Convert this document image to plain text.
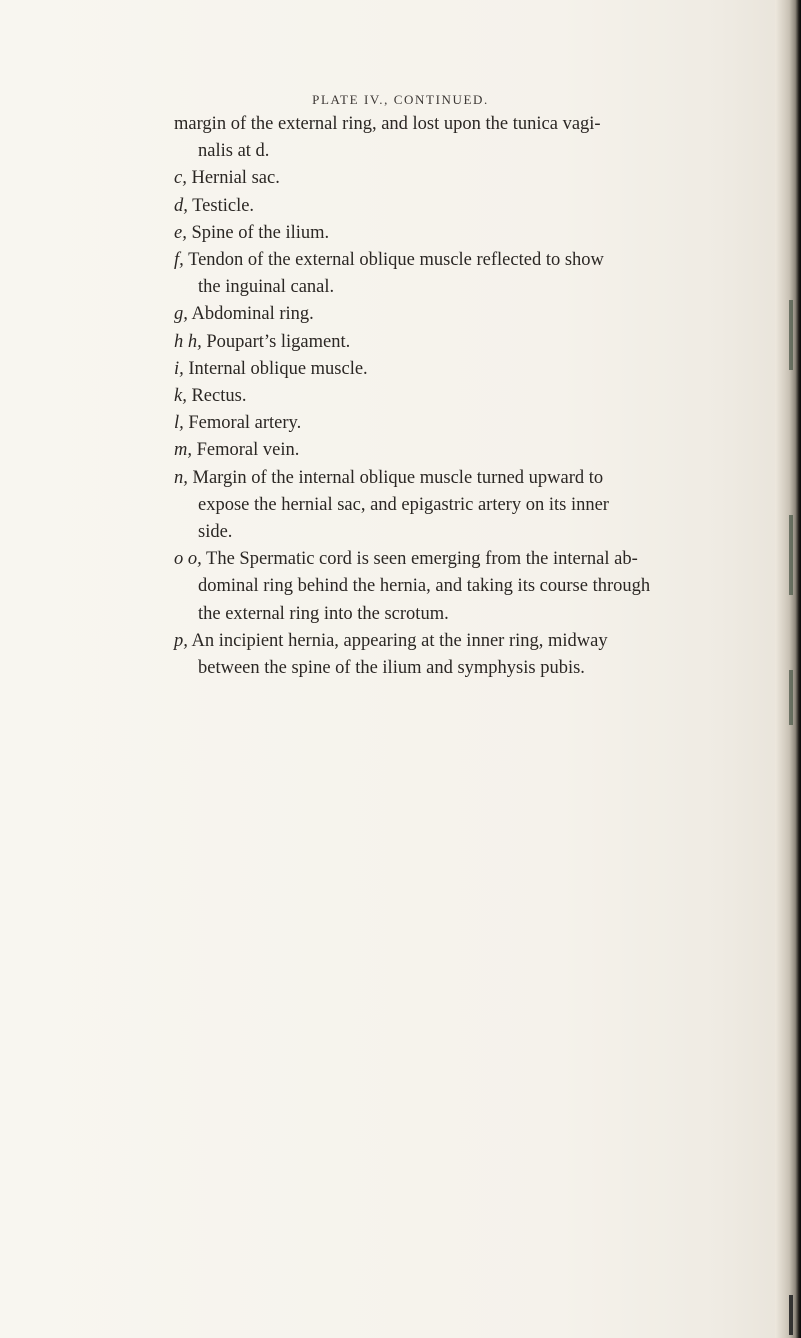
PLATE IV., CONTINUED.
margin of the external ring, and lost upon the tunica vagi-
nalis at d.
c, Hernial sac.
d, Testicle.
e, Spine of the ilium.
f, Tendon of the external oblique muscle reflected to show
the inguinal canal.
g, Abdominal ring.
h h, Poupart’s ligament.
i, Internal oblique muscle.
k, Rectus.
l, Femoral artery.
m, Femoral vein.
n, Margin of the internal oblique muscle turned upward to
expose the hernial sac, and epigastric artery on its inner
side.
o o, The Spermatic cord is seen emerging from the internal ab-
dominal ring behind the hernia, and taking its course through
the external ring into the scrotum.
p, An incipient hernia, appearing at the inner ring, midway
between the spine of the ilium and symphysis pubis.
